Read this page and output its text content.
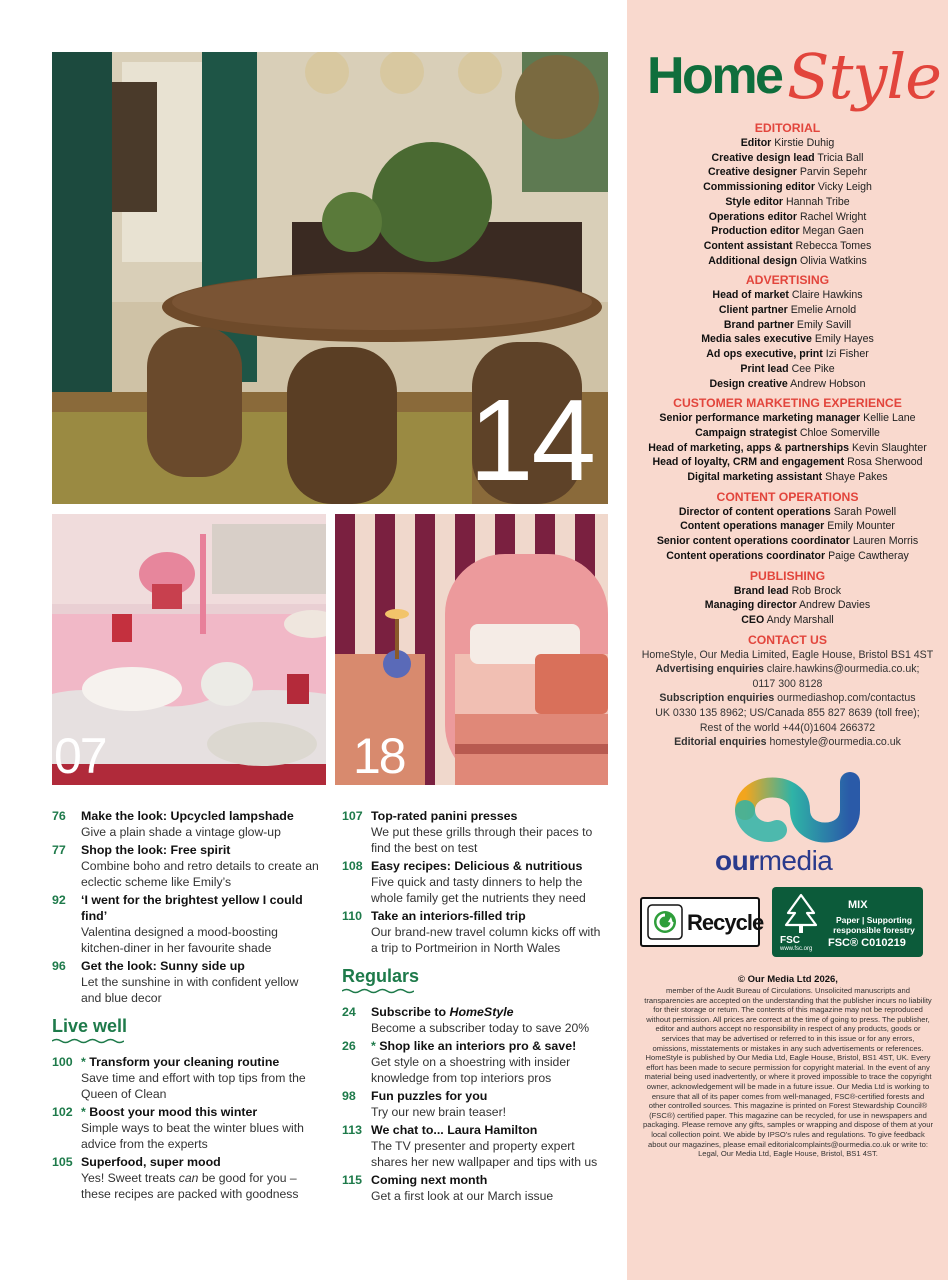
14
07	18
76	Make the look: Upcycled lampshade
Give a plain shade a vintage glow-up
77	Shop the look: Free spirit
Combine boho and retro details to create an eclectic scheme like Emily’s
92	‘I went for the brightest yellow I could find’
Valentina designed a mood-boosting kitchen-diner in her favourite shade
96	Get the look: Sunny side up
Let the sunshine in with confident yellow and blue decor
Live well
100 * Transform your cleaning routine
Save time and effort with top tips from the Queen of Clean
102 * Boost your mood this winter
Simple ways to beat the winter blues with advice from the experts
105 Superfood, super mood
Yes! Sweet treats can be good for you – these recipes are packed with goodness
107 Top-rated panini presses
We put these grills through their paces to find the best on test
108 Easy recipes: Delicious & nutritious
Five quick and tasty dinners to help the whole family get the nutrients they need
110 Take an interiors-filled trip
Our brand-new travel column kicks off with a trip to Portmeirion in North Wales
Regulars
24	Subscribe to HomeStyle
Become a subscriber today to save 20%
26	* Shop like an interiors pro & save!
Get style on a shoestring with insider knowledge from top interiors pros
98	Fun puzzles for you
Try our new brain teaser!
113 We chat to... Laura Hamilton
The TV presenter and property expert shares her new wallpaper and tips with us
115 Coming next month
Get a first look at our March issue
Home Style
EDITORIAL
Editor Kirstie Duhig
Creative design lead Tricia Ball
Creative designer Parvin Sepehr
Commissioning editor Vicky Leigh
Style editor Hannah Tribe
Operations editor Rachel Wright
Production editor Megan Gaen
Content assistant Rebecca Tomes
Additional design Olivia Watkins
ADVERTISING
Head of market Claire Hawkins
Client partner Emelie Arnold
Brand partner Emily Savill
Media sales executive Emily Hayes
Ad ops executive, print Izi Fisher
Print lead Cee Pike
Design creative Andrew Hobson
CUSTOMER MARKETING EXPERIENCE
Senior performance marketing manager Kellie Lane
Campaign strategist Chloe Somerville
Head of marketing, apps & partnerships Kevin Slaughter
Head of loyalty, CRM and engagement Rosa Sherwood
Digital marketing assistant Shaye Pakes
CONTENT OPERATIONS
Director of content operations Sarah Powell
Content operations manager Emily Mounter
Senior content operations coordinator Lauren Morris
Content operations coordinator Paige Cawtheray
PUBLISHING
Brand lead Rob Brock
Managing director Andrew Davies
CEO Andy Marshall
CONTACT US
HomeStyle, Our Media Limited, Eagle House, Bristol BS1 4ST
Advertising enquiries claire.hawkins@ourmedia.co.uk;
0117 300 8128
Subscription enquiries ourmediashop.com/contactus
UK 0330 135 8962; US/Canada 855 827 8639 (toll free);
Rest of the world +44(0)1604 266372
Editorial enquiries homestyle@ourmedia.co.uk
ourmedia
Recycle
FSC
www.fsc.org
MIX
Paper | Supporting responsible forestry
FSC® C010219
© Our Media Ltd 2026,
member of the Audit Bureau of Circulations. Unsolicited manuscripts and transparencies are accepted on the understanding that the publisher incurs no liability for their storage or return. The contents of this magazine may not be reproduced without permission. All prices are correct at the time of going to press. The publisher, editor and authors accept no responsibility in respect of any products, goods or services that may be advertised or referred to in this issue or for any errors, omissions, misstatements or mistakes in any such advertisements or references. HomeStyle is published by Our Media Ltd, Eagle House, Bristol, BS1 4ST, UK. Every effort has been made to secure permission for copyright material. In the event of any material being used inadvertently, or where it proved impossible to trace the copyright owner, acknowledgement will be made in a future issue. Our Media Ltd is working to ensure that all of its paper comes from well-managed, FSC®-certified forests and other controlled sources. This magazine is printed on Forest Stewardship Council® (FSC®) certified paper. This magazine can be recycled, for use in newspapers and packaging. Please remove any gifts, samples or wrapping and dispose of them at your local collection point. We abide by IPSO’s rules and regulations. To give feedback about our magazines, please email editorialcomplaints@ourmedia.co.uk or write to: Legal, Our Media Ltd, Eagle House, Bristol, BS1 4ST.
